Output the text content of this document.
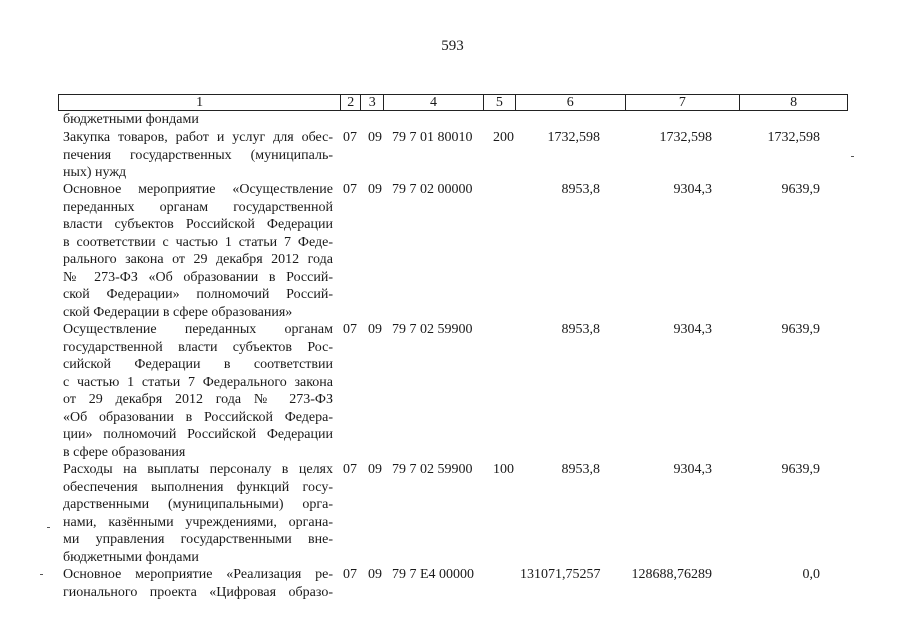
593
1	2	3	4	5	6	7	8
бюджетными фондами
Закупка товаров, работ и услуг для обес-
печения государственных (муниципаль-
ных) нужд
07 09 79 7 01 80010 200	1732,598	1732,598	1732,598
Основное мероприятие «Осуществление
переданных органам государственной
власти субъектов Российской Федерации
в соответствии с частью 1 статьи 7 Феде-
рального закона от 29 декабря 2012 года
№ 273-ФЗ «Об образовании в Россий-
ской Федерации» полномочий Россий-
ской Федерации в сфере образования»
07 09 79 7 02 00000	8953,8	9304,3	9639,9
Осуществление переданных органам
государственной власти субъектов Рос-
сийской Федерации в соответствии
с частью 1 статьи 7 Федерального закона
от 29 декабря 2012 года № 273-ФЗ
«Об образовании в Российской Федера-
ции» полномочий Российской Федерации
в сфере образования
07 09 79 7 02 59900	8953,8	9304,3	9639,9
Расходы на выплаты персоналу в целях
обеспечения выполнения функций госу-
дарственными (муниципальными) орга-
нами, казёнными учреждениями, органа-
ми управления государственными вне-
бюджетными фондами
07 09 79 7 02 59900 100	8953,8	9304,3	9639,9
Основное мероприятие «Реализация ре-
гионального проекта «Цифровая образо-
07 09 79 7 E4 00000	131071,75257 128688,76289	0,0
